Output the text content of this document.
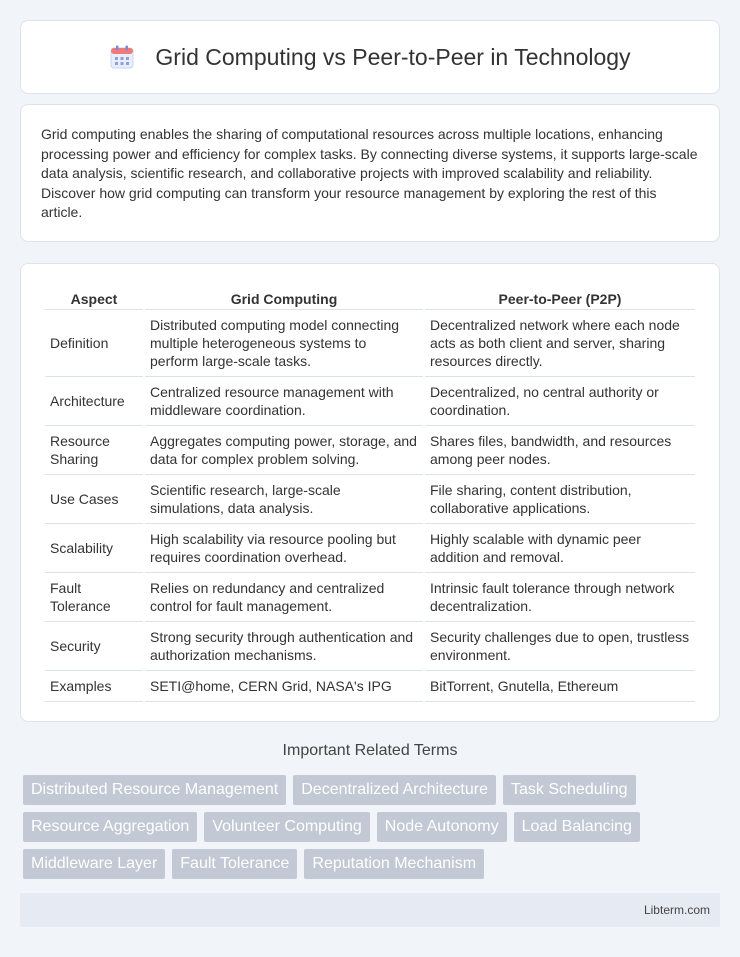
Grid Computing vs Peer-to-Peer in Technology

Grid computing enables the sharing of computational resources across multiple locations, enhancing processing power and efficiency for complex tasks. By connecting diverse systems, it supports large-scale data analysis, scientific research, and collaborative projects with improved scalability and reliability. Discover how grid computing can transform your resource management by exploring the rest of this article.

Aspect	Grid Computing	Peer-to-Peer (P2P)
Definition	Distributed computing model connecting multiple heterogeneous systems to perform large-scale tasks.	Decentralized network where each node acts as both client and server, sharing resources directly.
Architecture	Centralized resource management with middleware coordination.	Decentralized, no central authority or coordination.
Resource Sharing	Aggregates computing power, storage, and data for complex problem solving.	Shares files, bandwidth, and resources among peer nodes.
Use Cases	Scientific research, large-scale simulations, data analysis.	File sharing, content distribution, collaborative applications.
Scalability	High scalability via resource pooling but requires coordination overhead.	Highly scalable with dynamic peer addition and removal.
Fault Tolerance	Relies on redundancy and centralized control for fault management.	Intrinsic fault tolerance through network decentralization.
Security	Strong security through authentication and authorization mechanisms.	Security challenges due to open, trustless environment.
Examples	SETI@home, CERN Grid, NASA's IPG	BitTorrent, Gnutella, Ethereum
Important Related Terms
Distributed Resource Management	Decentralized Architecture	Task Scheduling
Resource Aggregation	Volunteer Computing	Node Autonomy	Load Balancing
Middleware Layer	Fault Tolerance	Reputation Mechanism
Libterm.com
